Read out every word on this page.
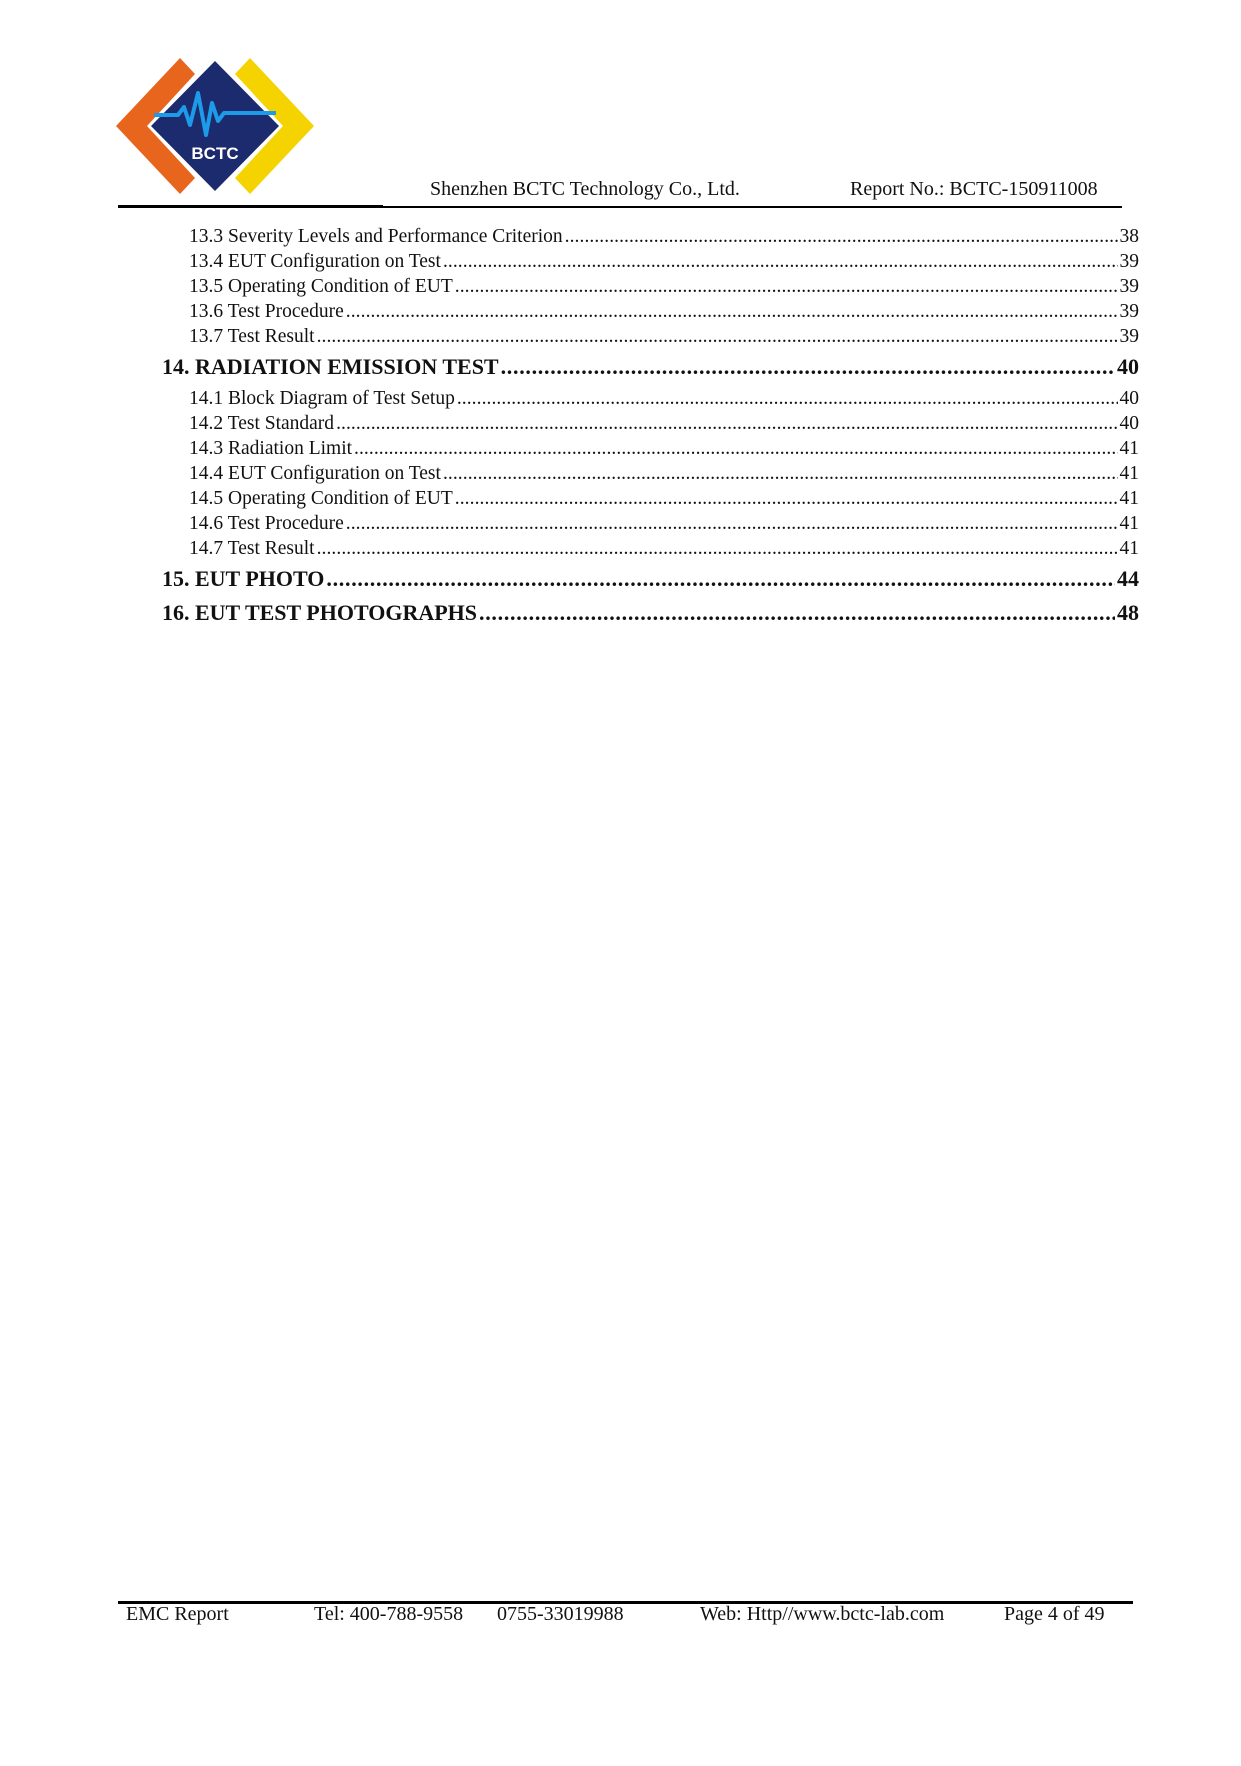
BCTC
Shenzhen BCTC Technology Co., Ltd.	Report No.: BCTC-150911008
13.3 Severity Levels and Performance Criterion . . .	38
13.4 EUT Configuration on Test . . .	39
13.5 Operating Condition of EUT . . .	39
13.6 Test Procedure . . .	39
13.7 Test Result . . .	39
14. RADIATION EMISSION TEST . . .	40
14.1 Block Diagram of Test Setup . . .	40
14.2 Test Standard . . .	40
14.3 Radiation Limit . . .	41
14.4 EUT Configuration on Test . . .	41
14.5 Operating Condition of EUT . . .	41
14.6 Test Procedure . . .	41
14.7 Test Result . . .	41
15. EUT PHOTO . . .	44
16. EUT TEST PHOTOGRAPHS . . .	48
EMC Report	Tel: 400-788-9558 0755-33019988	Web: Http//www.bctc-lab.com	Page 4 of 49
